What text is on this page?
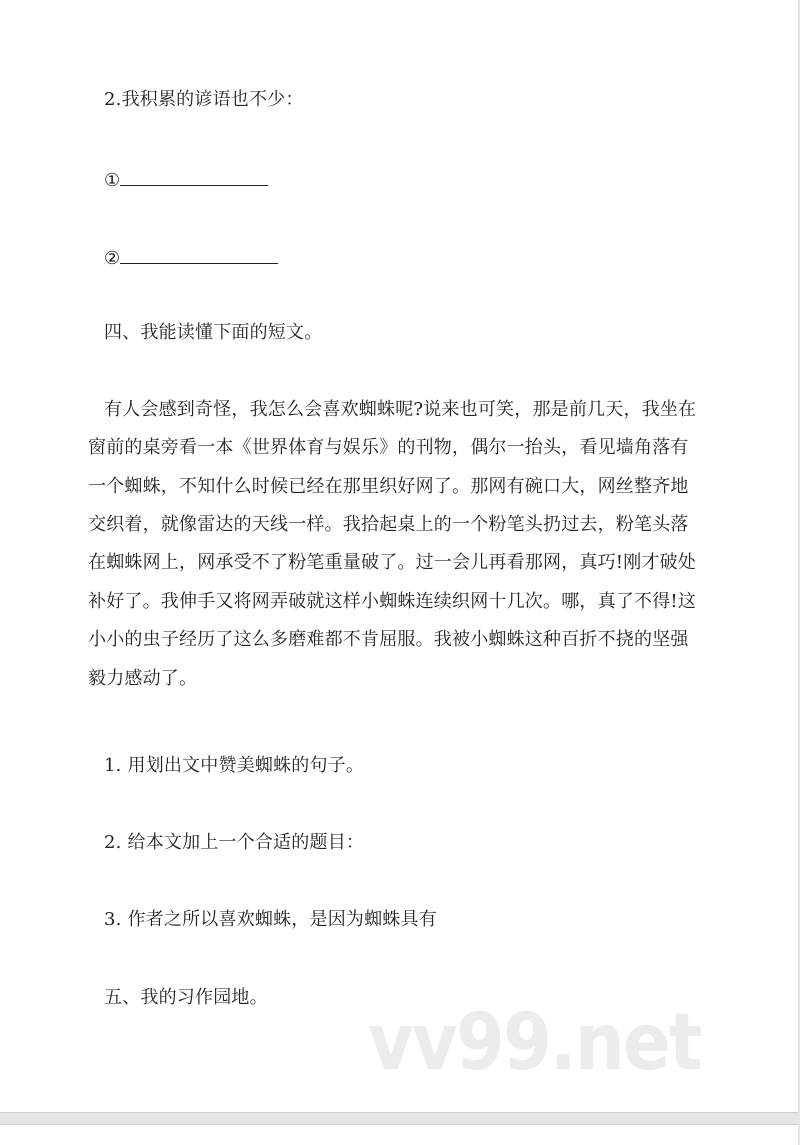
2.我积累的谚语也不少：
①
②
四、我能读懂下面的短文。
有人会感到奇怪，我怎么会喜欢蜘蛛呢?说来也可笑，那是前几天，我坐在
窗前的桌旁看一本《世界体育与娱乐》的刊物，偶尔一抬头，看见墙角落有
一个蜘蛛，不知什么时候已经在那里织好网了。那网有碗口大，网丝整齐地
交织着，就像雷达的天线一样。我拾起桌上的一个粉笔头扔过去，粉笔头落
在蜘蛛网上，网承受不了粉笔重量破了。过一会儿再看那网，真巧!刚才破处
补好了。我伸手又将网弄破就这样小蜘蛛连续织网十几次。哪，真了不得!这
小小的虫子经历了这么多磨难都不肯屈服。我被小蜘蛛这种百折不挠的坚强
毅力感动了。
1. 用划出文中赞美蜘蛛的句子。
2. 给本文加上一个合适的题目：
3. 作者之所以喜欢蜘蛛，是因为蜘蛛具有
五、我的习作园地。
vv99.net
